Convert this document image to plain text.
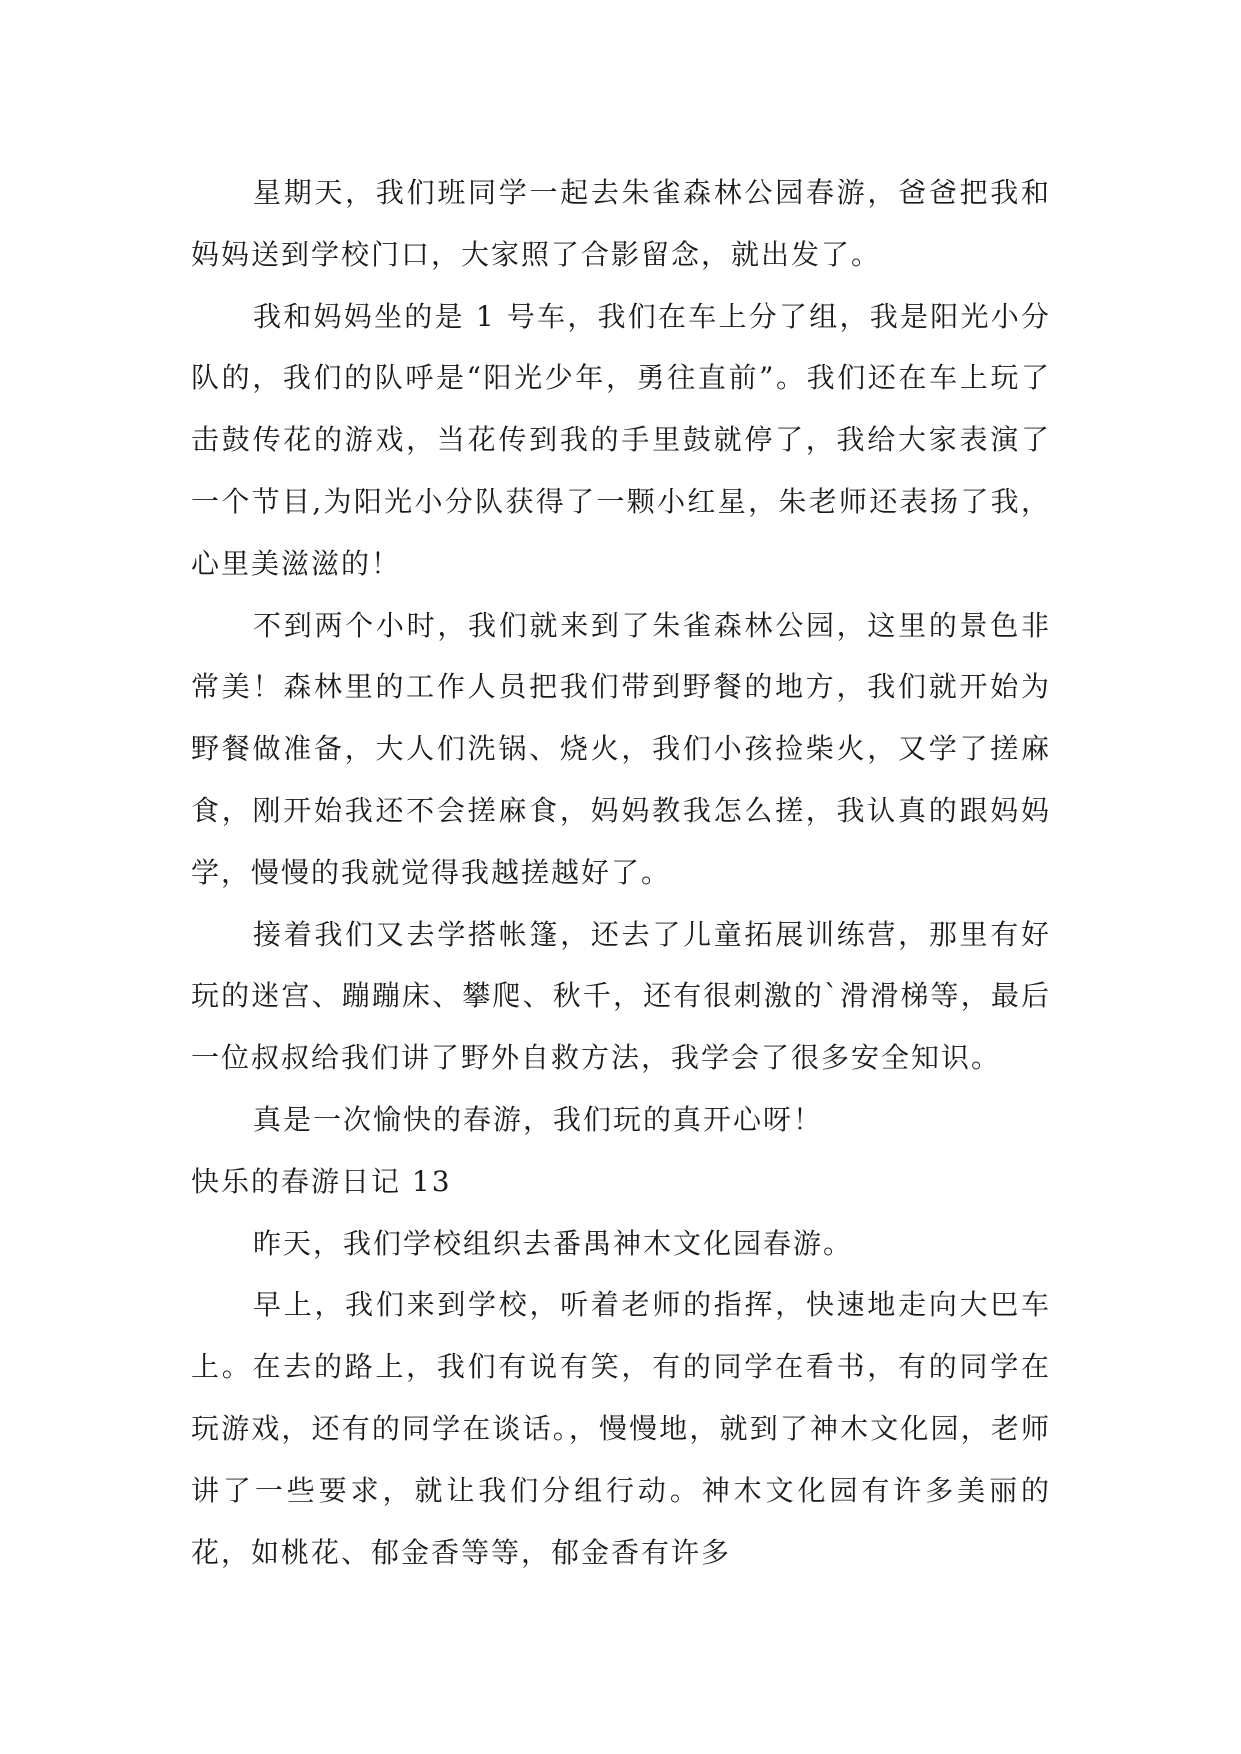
星期天，我们班同学一起去朱雀森林公园春游，爸爸把我和妈妈送到学校门口，大家照了合影留念，就出发了。

我和妈妈坐的是 1 号车，我们在车上分了组，我是阳光小分队的，我们的队呼是“阳光少年，勇往直前”。我们还在车上玩了击鼓传花的游戏，当花传到我的手里鼓就停了，我给大家表演了一个节目,为阳光小分队获得了一颗小红星，朱老师还表扬了我，心里美滋滋的！

不到两个小时，我们就来到了朱雀森林公园，这里的景色非常美！森林里的工作人员把我们带到野餐的地方，我们就开始为野餐做准备，大人们洗锅、烧火，我们小孩捡柴火，又学了搓麻食，刚开始我还不会搓麻食，妈妈教我怎么搓，我认真的跟妈妈学，慢慢的我就觉得我越搓越好了。

接着我们又去学搭帐篷，还去了儿童拓展训练营，那里有好玩的迷宫、蹦蹦床、攀爬、秋千，还有很刺激的`滑滑梯等，最后一位叔叔给我们讲了野外自救方法，我学会了很多安全知识。

真是一次愉快的春游，我们玩的真开心呀！

快乐的春游日记 13

昨天，我们学校组织去番禺神木文化园春游。

早上，我们来到学校，听着老师的指挥，快速地走向大巴车上。在去的路上，我们有说有笑，有的同学在看书，有的同学在玩游戏，还有的同学在谈话。，慢慢地，就到了神木文化园，老师讲了一些要求，就让我们分组行动。神木文化园有许多美丽的花，如桃花、郁金香等等，郁金香有许多
